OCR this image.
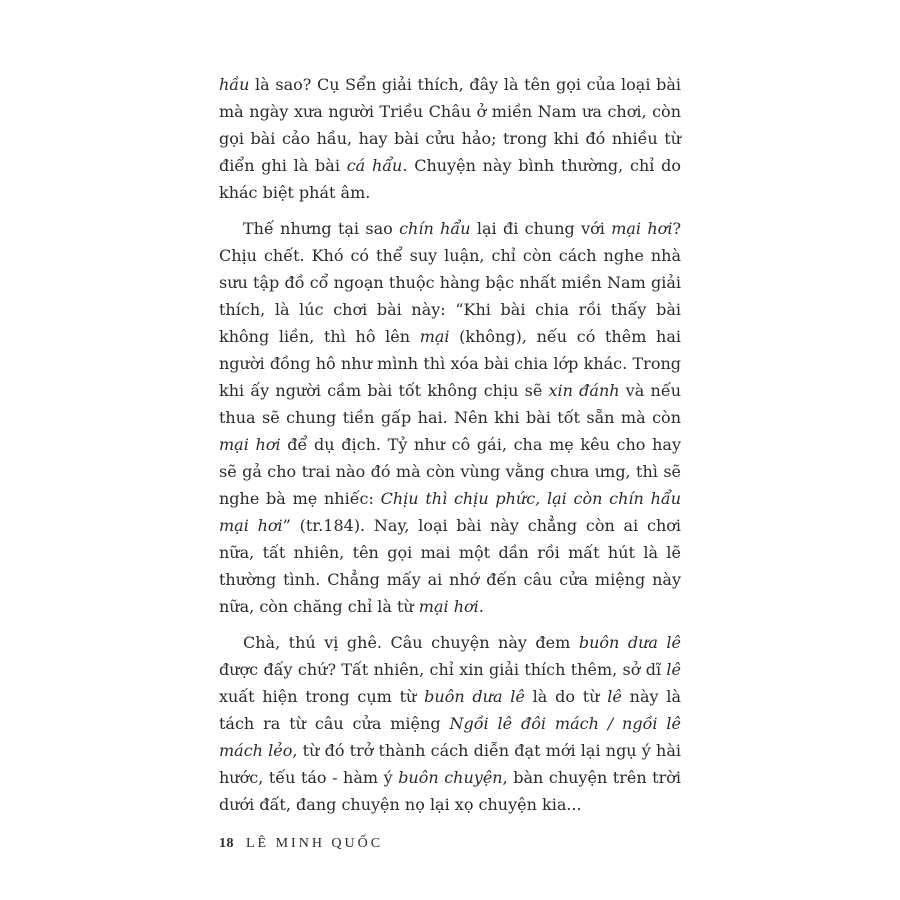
hầu là sao? Cụ Sển giải thích, đây là tên gọi của loại bài mà ngày xưa người Triều Châu ở miền Nam ưa chơi, còn gọi bài cảo hầu, hay bài cửu hảo; trong khi đó nhiều từ điển ghi là bài cá hẩu. Chuyện này bình thường, chỉ do khác biệt phát âm.

Thế nhưng tại sao chín hẩu lại đi chung với mại hơi? Chịu chết. Khó có thể suy luận, chỉ còn cách nghe nhà sưu tập đồ cổ ngoạn thuộc hàng bậc nhất miền Nam giải thích, là lúc chơi bài này: “Khi bài chia rồi thấy bài không liền, thì hô lên mại (không), nếu có thêm hai người đồng hô như mình thì xóa bài chia lớp khác. Trong khi ấy người cầm bài tốt không chịu sẽ xin đánh và nếu thua sẽ chung tiền gấp hai. Nên khi bài tốt sẵn mà còn mại hơi để dụ địch. Tỷ như cô gái, cha mẹ kêu cho hay sẽ gả cho trai nào đó mà còn vùng vằng chưa ưng, thì sẽ nghe bà mẹ nhiếc: Chịu thì chịu phức, lại còn chín hẩu mại hơi” (tr.184). Nay, loại bài này chẳng còn ai chơi nữa, tất nhiên, tên gọi mai một dần rồi mất hút là lẽ thường tình. Chẳng mấy ai nhớ đến câu cửa miệng này nữa, còn chăng chỉ là từ mại hơi.

Chà, thú vị ghê. Câu chuyện này đem buôn dưa lê được đấy chứ? Tất nhiên, chỉ xin giải thích thêm, sở dĩ lê xuất hiện trong cụm từ buôn dưa lê là do từ lê này là tách ra từ câu cửa miệng Ngồi lê đôi mách / ngồi lê mách lẻo, từ đó trở thành cách diễn đạt mới lại ngụ ý hài hước, tếu táo - hàm ý buôn chuyện, bàn chuyện trên trời dưới đất, đang chuyện nọ lại xọ chuyện kia...

18 LÊ MINH QUỐC
